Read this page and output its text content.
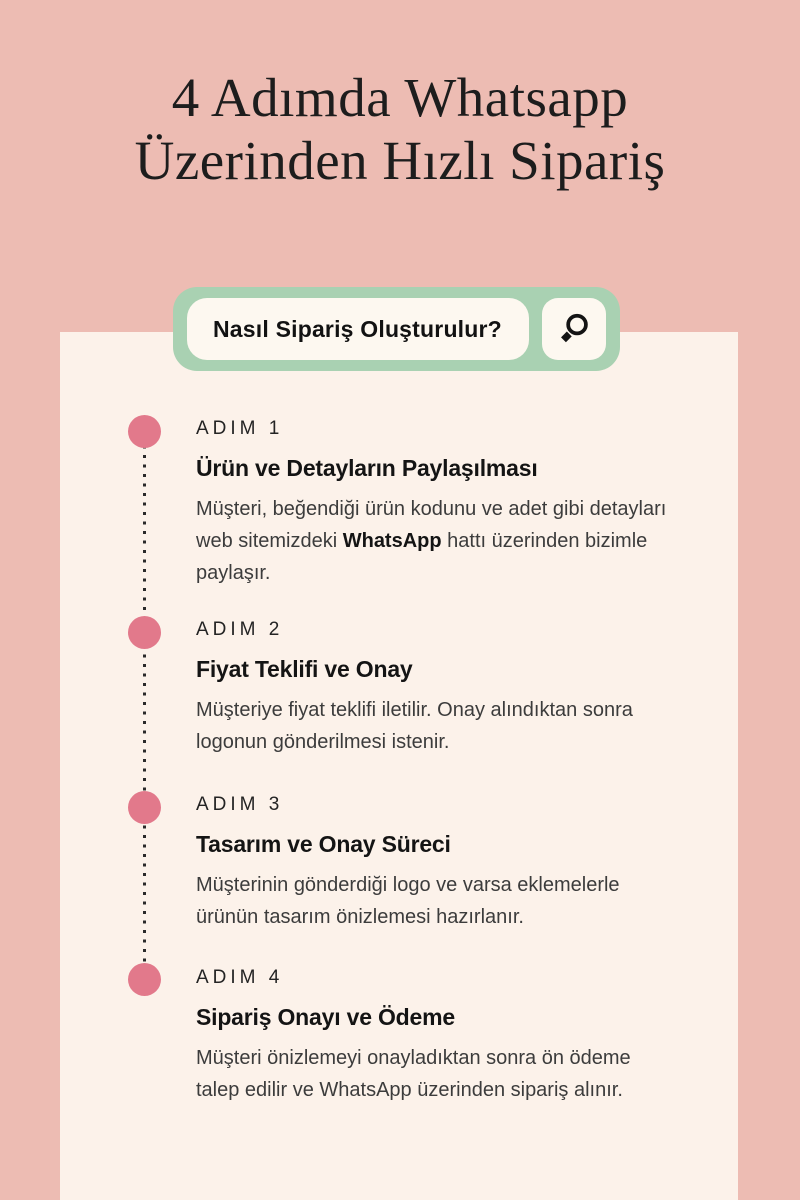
4 Adımda Whatsapp
Üzerinden Hızlı Sipariş
Nasıl Sipariş Oluşturulur?
ADIM 1
Ürün ve Detayların Paylaşılması
Müşteri, beğendiği ürün kodunu ve adet gibi detayları web sitemizdeki WhatsApp hattı üzerinden bizimle paylaşır.
ADIM 2
Fiyat Teklifi ve Onay
Müşteriye fiyat teklifi iletilir. Onay alındıktan sonra logonun gönderilmesi istenir.
ADIM 3
Tasarım ve Onay Süreci
Müşterinin gönderdiği logo ve varsa eklemelerle ürünün tasarım önizlemesi hazırlanır.
ADIM 4
Sipariş Onayı ve Ödeme
Müşteri önizlemeyi onayladıktan sonra ön ödeme talep edilir ve WhatsApp üzerinden sipariş alınır.
